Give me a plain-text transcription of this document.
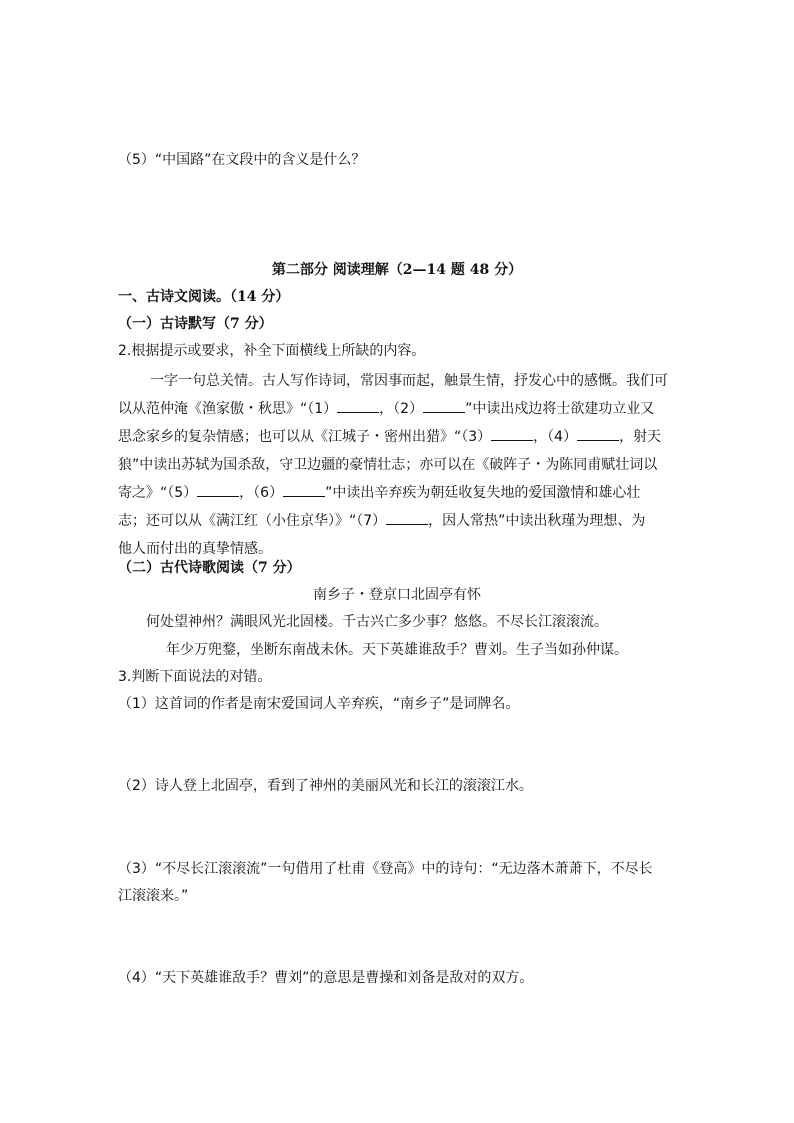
（5）“中国路”在文段中的含义是什么？
第二部分 阅读理解（2—14 题 48 分）
一、古诗文阅读。（14 分）
（一）古诗默写（7 分）
2.根据提示或要求，补全下面横线上所缺的内容。
一字一句总关情。古人写作诗词，常因事而起，触景生情，抒发心中的感慨。我们可
以从范仲淹《渔家傲・秋思》“（1）	，（2）	”中读出戍边将士欲建功立业又
思念家乡的复杂情感；也可以从《江城子・密州出猎》“（3）	，（4）	，射天
狼”中读出苏轼为国杀敌，守卫边疆的豪情壮志；亦可以在《破阵子・为陈同甫赋壮词以
寄之》“（5）	，（6）	”中读出辛弃疾为朝廷收复失地的爱国激情和雄心壮
志；还可以从《满江红（小住京华）》“（7）	，因人常热”中读出秋瑾为理想、为
他人而付出的真挚情感。
（二）古代诗歌阅读（7 分）
南乡子・登京口北固亭有怀
何处望神州？满眼风光北固楼。千古兴亡多少事？悠悠。不尽长江滚滚流。
年少万兜鍪，坐断东南战未休。天下英雄谁敌手？曹刘。生子当如孙仲谋。
3.判断下面说法的对错。
（1）这首词的作者是南宋爱国词人辛弃疾，“南乡子”是词牌名。
（2）诗人登上北固亭，看到了神州的美丽风光和长江的滚滚江水。
（3）“不尽长江滚滚流”一句借用了杜甫《登高》中的诗句：“无边落木萧萧下，不尽长
江滚滚来。”
（4）“天下英雄谁敌手？曹刘”的意思是曹操和刘备是敌对的双方。
